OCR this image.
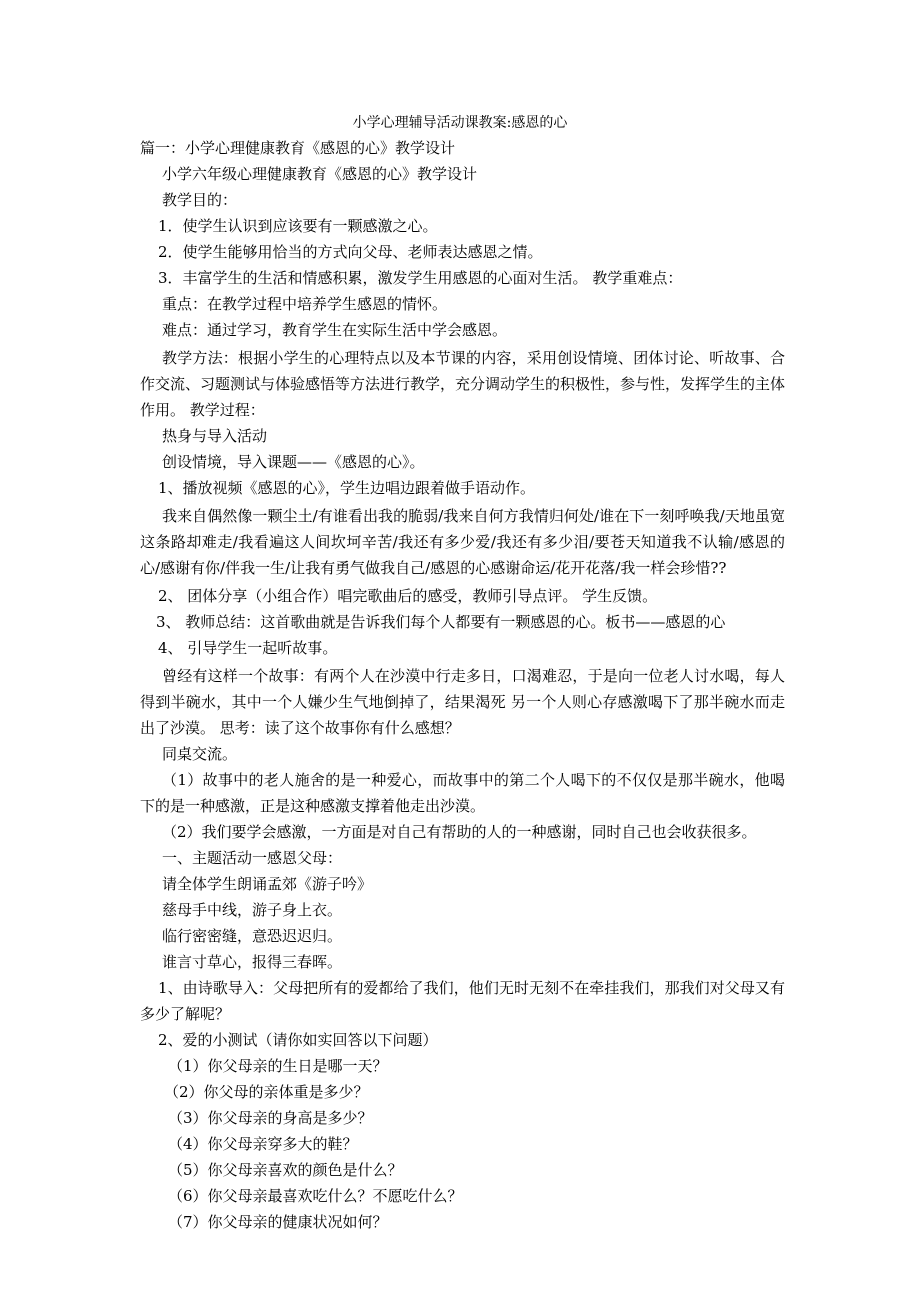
小学心理辅导活动课教案:感恩的心

篇一：小学心理健康教育《感恩的心》教学设计

小学六年级心理健康教育《感恩的心》教学设计

教学目的：

1．使学生认识到应该要有一颗感激之心。

2．使学生能够用恰当的方式向父母、老师表达感恩之情。

3．丰富学生的生活和情感积累，激发学生用感恩的心面对生活。 教学重难点：

重点：在教学过程中培养学生感恩的情怀。

难点：通过学习，教育学生在实际生活中学会感恩。

教学方法：根据小学生的心理特点以及本节课的内容，采用创设情境、团体讨论、听故事、合作交流、习题测试与体验感悟等方法进行教学，充分调动学生的积极性，参与性，发挥学生的主体作用。 教学过程：

热身与导入活动

创设情境，导入课题——《感恩的心》。

1、播放视频《感恩的心》，学生边唱边跟着做手语动作。

我来自偶然像一颗尘土/有谁看出我的脆弱/我来自何方我情归何处/谁在下一刻呼唤我/天地虽宽这条路却难走/我看遍这人间坎坷辛苦/我还有多少爱/我还有多少泪/要苍天知道我不认输/感恩的心/感谢有你/伴我一生/让我有勇气做我自己/感恩的心感谢命运/花开花落/我一样会珍惜??

2、 团体分享（小组合作）唱完歌曲后的感受，教师引导点评。 学生反馈。

3、 教师总结：这首歌曲就是告诉我们每个人都要有一颗感恩的心。板书——感恩的心

4、 引导学生一起听故事。

曾经有这样一个故事：有两个人在沙漠中行走多日，口渴难忍，于是向一位老人讨水喝，每人得到半碗水，其中一个人嫌少生气地倒掉了，结果渴死 另一个人则心存感激喝下了那半碗水而走出了沙漠。 思考：读了这个故事你有什么感想？

同桌交流。

（1）故事中的老人施舍的是一种爱心，而故事中的第二个人喝下的不仅仅是那半碗水，他喝下的是一种感激，正是这种感激支撑着他走出沙漠。

（2）我们要学会感激，一方面是对自己有帮助的人的一种感谢，同时自己也会收获很多。

一、主题活动一感恩父母：

请全体学生朗诵孟郊《游子吟》

慈母手中线，游子身上衣。

临行密密缝，意恐迟迟归。

谁言寸草心，报得三春晖。

1、由诗歌导入：父母把所有的爱都给了我们，他们无时无刻不在牵挂我们，那我们对父母又有多少了解呢？

2、爱的小测试（请你如实回答以下问题）

（1）你父母亲的生日是哪一天？

（2）你父母的亲体重是多少？

（3）你父母亲的身高是多少？

（4）你父母亲穿多大的鞋？

（5）你父母亲喜欢的颜色是什么？

（6）你父母亲最喜欢吃什么？不愿吃什么？

（7）你父母亲的健康状况如何？
